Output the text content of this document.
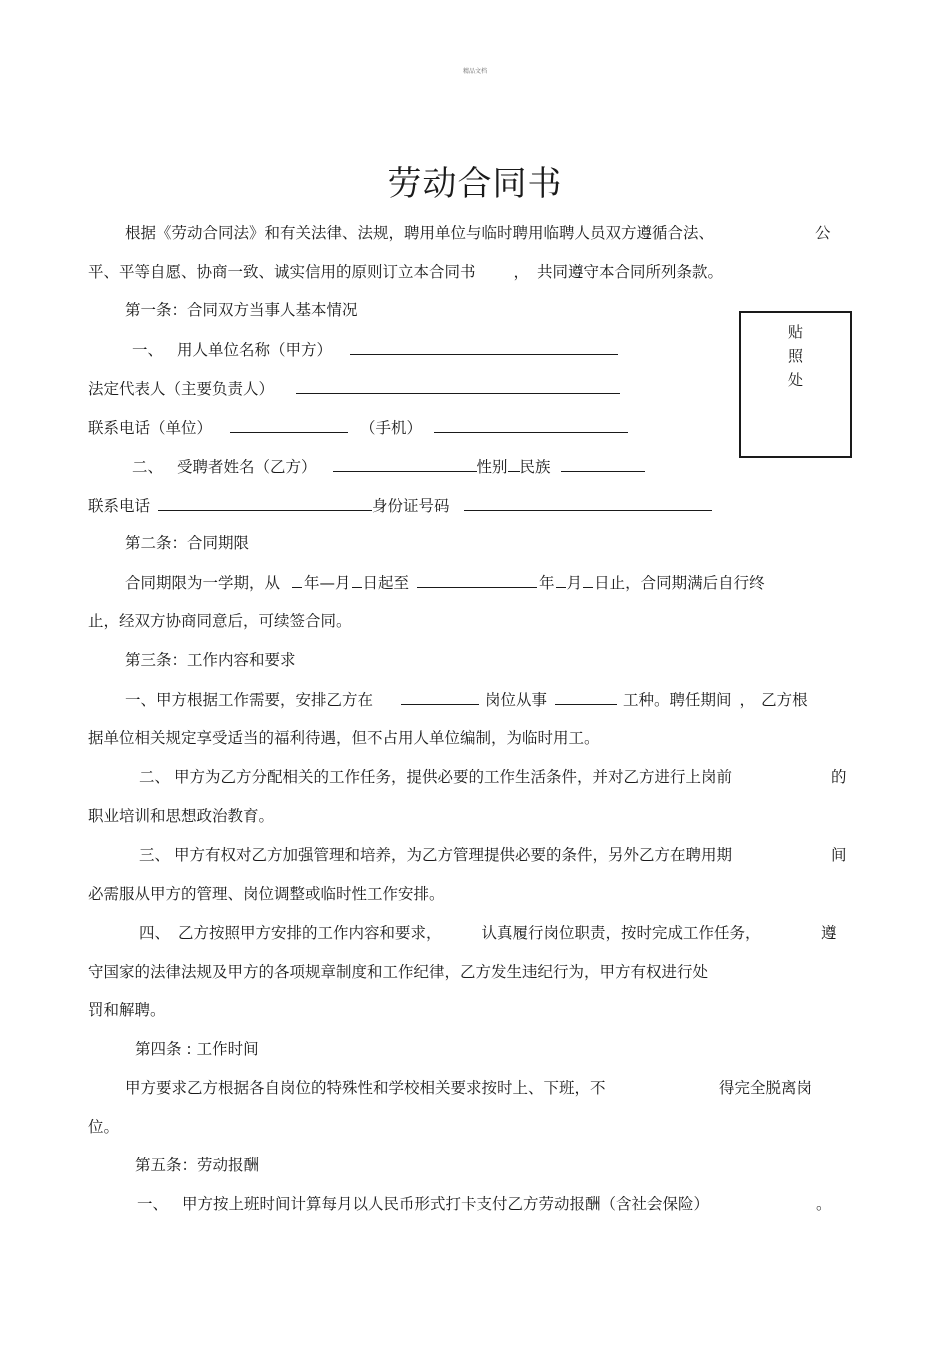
精品文档
劳动合同书
根据《劳动合同法》和有关法律、法规，聘用单位与临时聘用临聘人员双方遵循合法、	公
平、平等自愿、协商一致、诚实信用的原则订立本合同书 ， 共同遵守本合同所列条款。
第一条：合同双方当事人基本情况
一、 用人单位名称（甲方）
法定代表人（主要负责人）
联系电话（单位）	（手机）
二、 受聘者姓名（乙方）	性别 民族
联系电话	身份证号码
贴
照
处
第二条：合同期限
合同期限为一学期，从 年—月 日起至	年 月 日止，合同期满后自行终
止，经双方协商同意后，可续签合同。
第三条：工作内容和要求
一、甲方根据工作需要，安排乙方在	岗位从事	工种。聘任期间 ， 乙方根
据单位相关规定享受适当的福利待遇，但不占用人单位编制，为临时用工。
二、 甲方为乙方分配相关的工作任务，提供必要的工作生活条件，并对乙方进行上岗前	的
职业培训和思想政治教育。
三、 甲方有权对乙方加强管理和培养，为乙方管理提供必要的条件，另外乙方在聘用期	间
必需服从甲方的管理、岗位调整或临时性工作安排。
四、 乙方按照甲方安排的工作内容和要求，	认真履行岗位职责，按时完成工作任务，	遵
守国家的法律法规及甲方的各项规章制度和工作纪律，乙方发生违纪行为，甲方有权进行处
罚和解聘。
第四条 : 工作时间
甲方要求乙方根据各自岗位的特殊性和学校相关要求按时上、下班，不	得完全脱离岗
位。
第五条：劳动报酬
一、 甲方按上班时间计算每月以人民币形式打卡支付乙方劳动报酬（含社会保险）	。
